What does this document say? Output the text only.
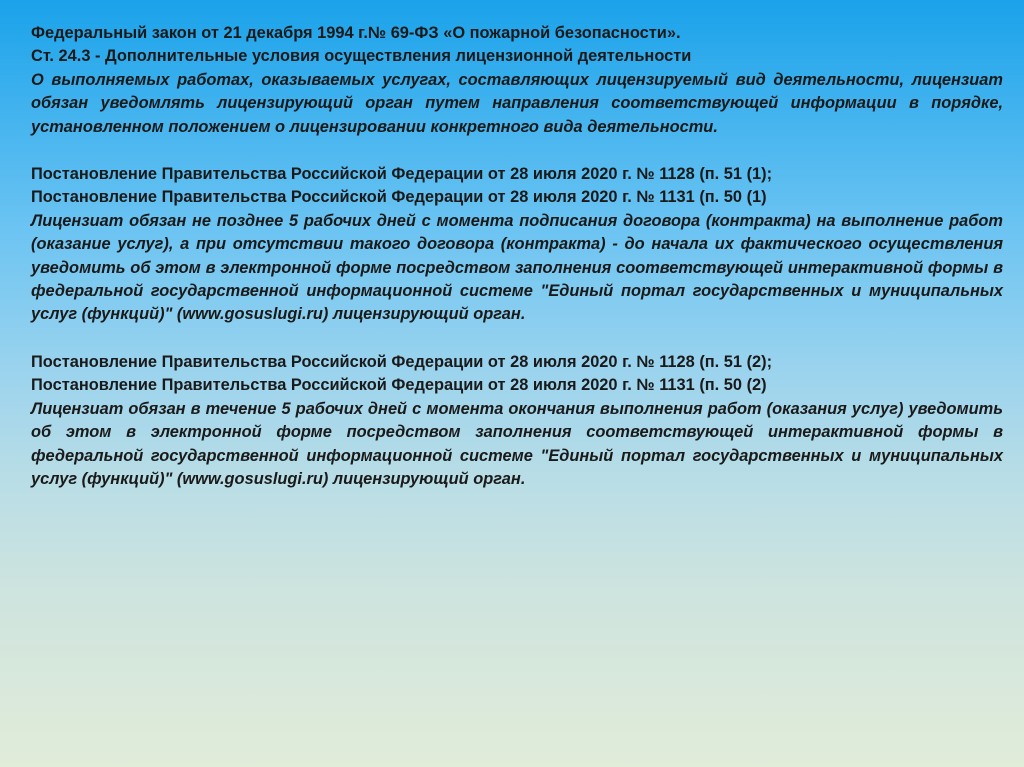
Федеральный закон от 21 декабря 1994 г.№ 69-ФЗ «О пожарной безопасности».

Ст. 24.3 - Дополнительные условия осуществления лицензионной деятельности

О выполняемых работах, оказываемых услугах, составляющих лицензируемый вид деятельности, лицензиат обязан уведомлять лицензирующий орган путем направления соответствующей информации в порядке, установленном положением о лицензировании конкретного вида деятельности.

Постановление Правительства Российской Федерации от 28 июля 2020 г. № 1128 (п. 51 (1);

Постановление Правительства Российской Федерации от 28 июля 2020 г. № 1131 (п. 50 (1)

Лицензиат обязан не позднее 5 рабочих дней с момента подписания договора (контракта) на выполнение работ (оказание услуг), а при отсутствии такого договора (контракта) - до начала их фактического осуществления уведомить об этом в электронной форме посредством заполнения соответствующей интерактивной формы в федеральной государственной информационной системе "Единый портал государственных и муниципальных услуг (функций)" (www.gosuslugi.ru) лицензирующий орган.

Постановление Правительства Российской Федерации от 28 июля 2020 г. № 1128 (п. 51 (2);

Постановление Правительства Российской Федерации от 28 июля 2020 г. № 1131 (п. 50 (2)

Лицензиат обязан в течение 5 рабочих дней с момента окончания выполнения работ (оказания услуг) уведомить об этом в электронной форме посредством заполнения соответствующей интерактивной формы в федеральной государственной информационной системе "Единый портал государственных и муниципальных услуг (функций)" (www.gosuslugi.ru) лицензирующий орган.
